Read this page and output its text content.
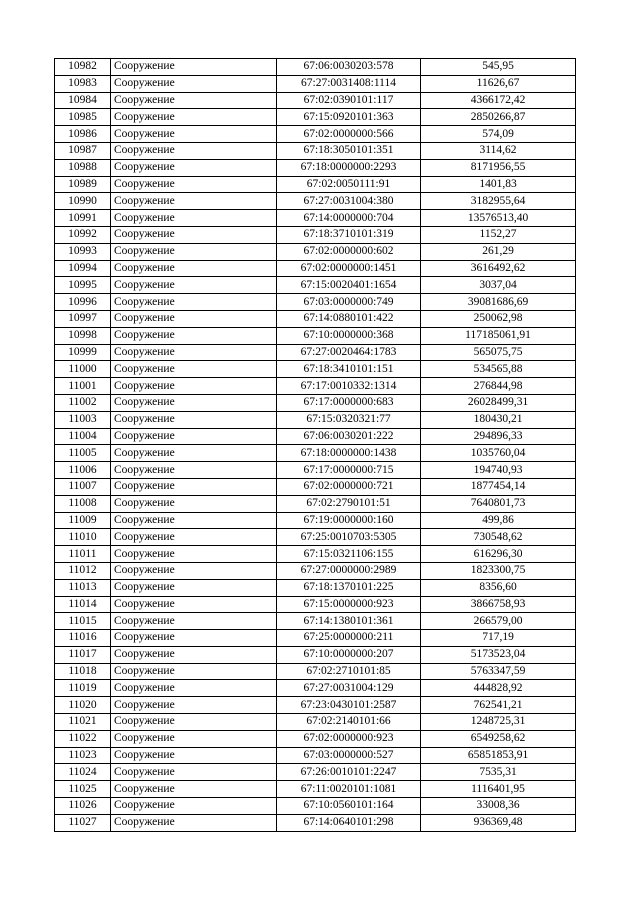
10982	Сооружение	67:06:0030203:578	545,95
10983	Сооружение	67:27:0031408:1114	11626,67
10984	Сооружение	67:02:0390101:117	4366172,42
10985	Сооружение	67:15:0920101:363	2850266,87
10986	Сооружение	67:02:0000000:566	574,09
10987	Сооружение	67:18:3050101:351	3114,62
10988	Сооружение	67:18:0000000:2293	8171956,55
10989	Сооружение	67:02:0050111:91	1401,83
10990	Сооружение	67:27:0031004:380	3182955,64
10991	Сооружение	67:14:0000000:704	13576513,40
10992	Сооружение	67:18:3710101:319	1152,27
10993	Сооружение	67:02:0000000:602	261,29
10994	Сооружение	67:02:0000000:1451	3616492,62
10995	Сооружение	67:15:0020401:1654	3037,04
10996	Сооружение	67:03:0000000:749	39081686,69
10997	Сооружение	67:14:0880101:422	250062,98
10998	Сооружение	67:10:0000000:368	117185061,91
10999	Сооружение	67:27:0020464:1783	565075,75
11000	Сооружение	67:18:3410101:151	534565,88
11001	Сооружение	67:17:0010332:1314	276844,98
11002	Сооружение	67:17:0000000:683	26028499,31
11003	Сооружение	67:15:0320321:77	180430,21
11004	Сооружение	67:06:0030201:222	294896,33
11005	Сооружение	67:18:0000000:1438	1035760,04
11006	Сооружение	67:17:0000000:715	194740,93
11007	Сооружение	67:02:0000000:721	1877454,14
11008	Сооружение	67:02:2790101:51	7640801,73
11009	Сооружение	67:19:0000000:160	499,86
11010	Сооружение	67:25:0010703:5305	730548,62
11011	Сооружение	67:15:0321106:155	616296,30
11012	Сооружение	67:27:0000000:2989	1823300,75
11013	Сооружение	67:18:1370101:225	8356,60
11014	Сооружение	67:15:0000000:923	3866758,93
11015	Сооружение	67:14:1380101:361	266579,00
11016	Сооружение	67:25:0000000:211	717,19
11017	Сооружение	67:10:0000000:207	5173523,04
11018	Сооружение	67:02:2710101:85	5763347,59
11019	Сооружение	67:27:0031004:129	444828,92
11020	Сооружение	67:23:0430101:2587	762541,21
11021	Сооружение	67:02:2140101:66	1248725,31
11022	Сооружение	67:02:0000000:923	6549258,62
11023	Сооружение	67:03:0000000:527	65851853,91
11024	Сооружение	67:26:0010101:2247	7535,31
11025	Сооружение	67:11:0020101:1081	1116401,95
11026	Сооружение	67:10:0560101:164	33008,36
11027	Сооружение	67:14:0640101:298	936369,48
